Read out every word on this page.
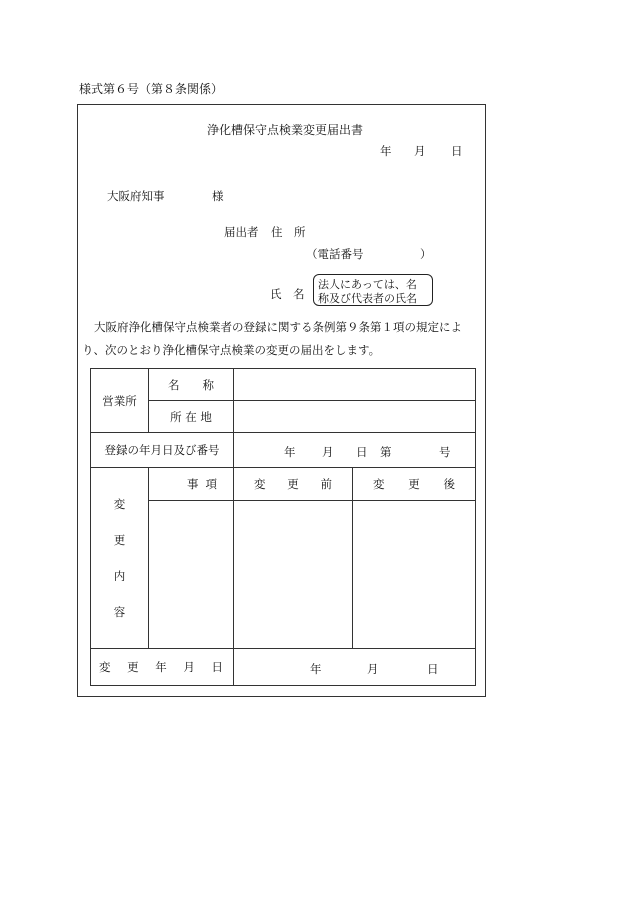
様式第６号（第８条関係）
浄化槽保守点検業変更届出書
年 月 日
大阪府知事	様
届出者 住　所
（電話番号	）
氏　名
法人にあっては、名
称及び代表者の氏名
大阪府浄化槽保守点検業者の登録に関する条例第９条第１項の規定によ
り、次のとおり浄化槽保守点検業の変更の届出をします。
営業所	名　　称		
	所 在 地		
登録の年月日及び番号		年 月 日 第 号	

変
更
内
容	事 項	変 更 前	変 更 後

変 更 年 月 日		年 月 日	
